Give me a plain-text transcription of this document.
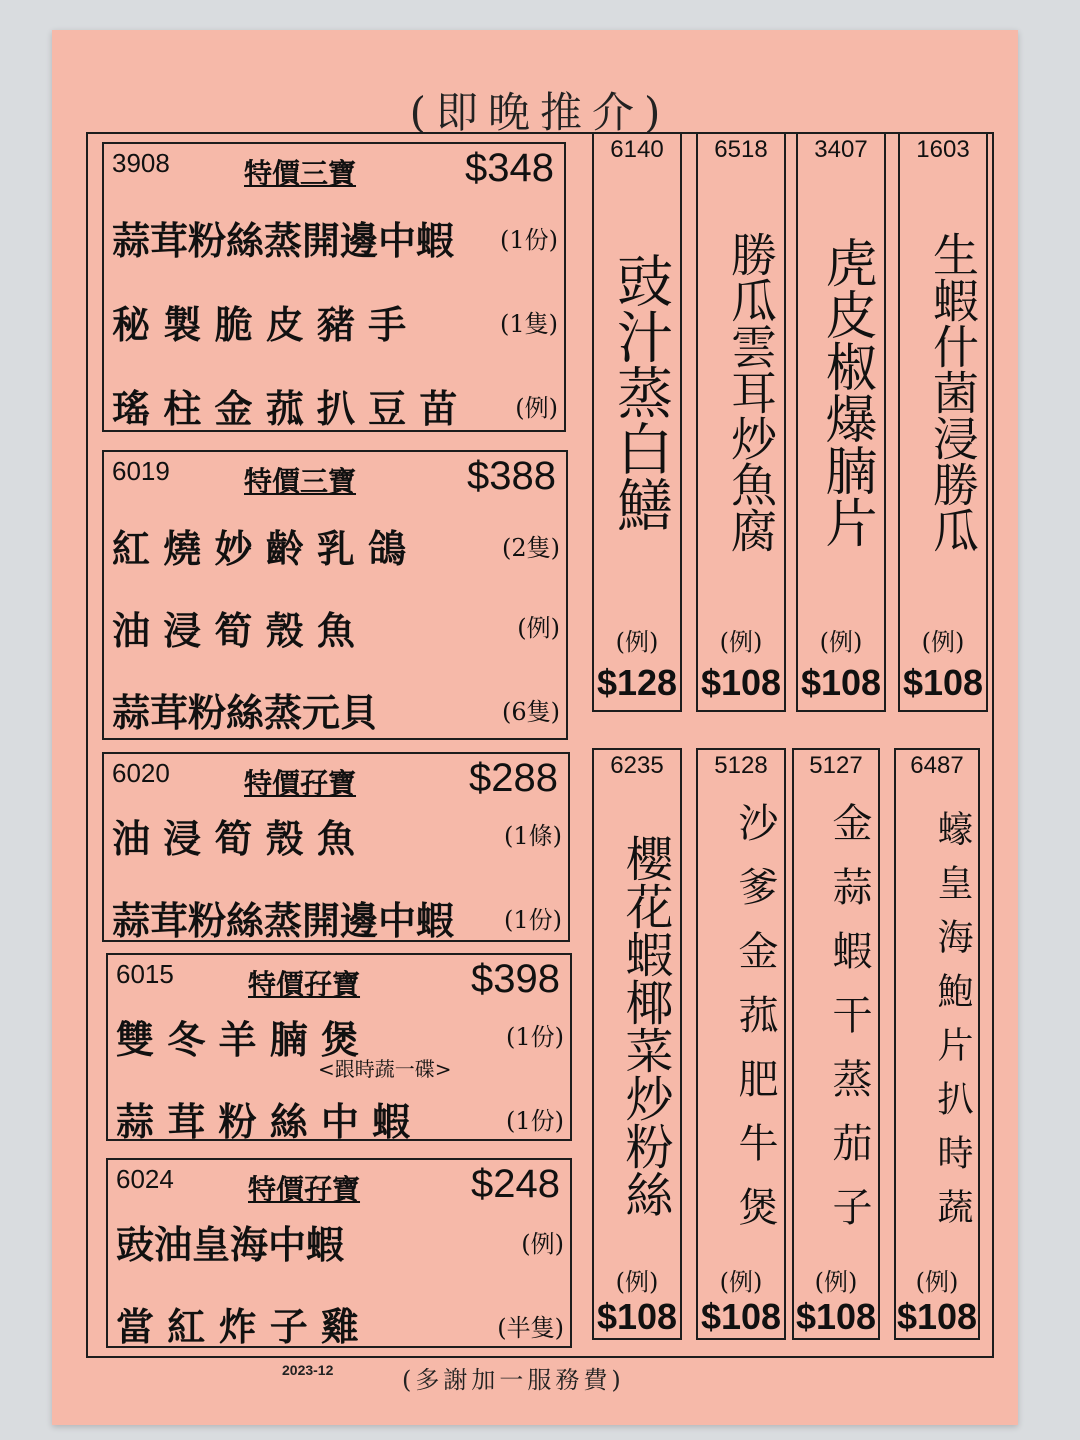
(即晚推介)
3908	特價三寶	$348
蒜茸粉絲蒸開邊中蝦 (1份)
秘 製 脆 皮 豬 手	(1隻)
瑤 柱 金 菰 扒 豆 苗 (例)
6019	特價三寶	$388
紅 燒 妙 齡 乳 鴿	(2隻)
油 浸 筍 殼 魚	(例)
蒜茸粉絲蒸元貝	(6隻)
6020	特價孖寶	$288
油 浸 筍 殼 魚	(1條)
蒜茸粉絲蒸開邊中蝦 (1份)
6015	特價孖寶	$398
雙 冬 羊 腩 煲	(1份)
<跟時蔬一碟>
蒜 茸 粉 絲 中 蝦	(1份)
6024	特價孖寶	$248
豉油皇海中蝦	(例)
當 紅 炸 子 雞	(半隻)
6140
豉汁蒸白鱔
(例)
$128
6518
勝瓜雲耳炒魚腐
(例)
$108
3407
虎皮椒爆腩片
(例)
$108
1603
生蝦什菌浸勝瓜
(例)
$108
6235
櫻花蝦椰菜炒粉絲
(例)
$108
5128
沙爹金菰肥牛煲
(例)
$108
5127
金蒜蝦干蒸茄子
(例)
$108
6487
蠔皇海鮑片扒時蔬
(例)
$108
2023-12	(多謝加一服務費)
